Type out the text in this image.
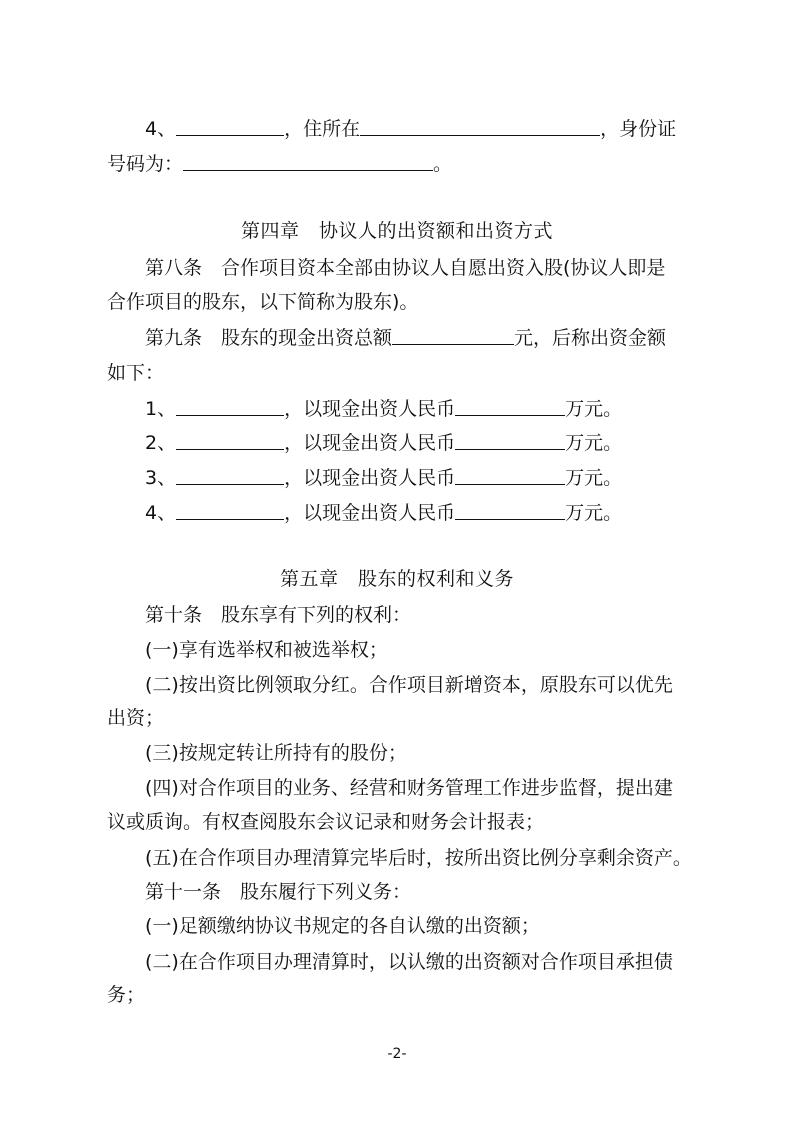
4、	，住所在	，身份证
号码为：	。
第四章　协议人的出资额和出资方式
第八条　合作项目资本全部由协议人自愿出资入股(协议人即是
合作项目的股东，以下简称为股东)。
第九条　股东的现金出资总额	元，后称出资金额
如下：
1、	，以现金出资人民币	万元。
2、	，以现金出资人民币	万元。
3、	，以现金出资人民币	万元。
4、	，以现金出资人民币	万元。
第五章　股东的权利和义务
第十条　股东享有下列的权利：
(一)享有选举权和被选举权；
(二)按出资比例领取分红。合作项目新增资本，原股东可以优先
出资；
(三)按规定转让所持有的股份；
(四)对合作项目的业务、经营和财务管理工作进步监督，提出建
议或质询。有权查阅股东会议记录和财务会计报表；
(五)在合作项目办理清算完毕后时，按所出资比例分享剩余资产。
第十一条　股东履行下列义务：
(一)足额缴纳协议书规定的各自认缴的出资额；
(二)在合作项目办理清算时，以认缴的出资额对合作项目承担债
务；
-2-
